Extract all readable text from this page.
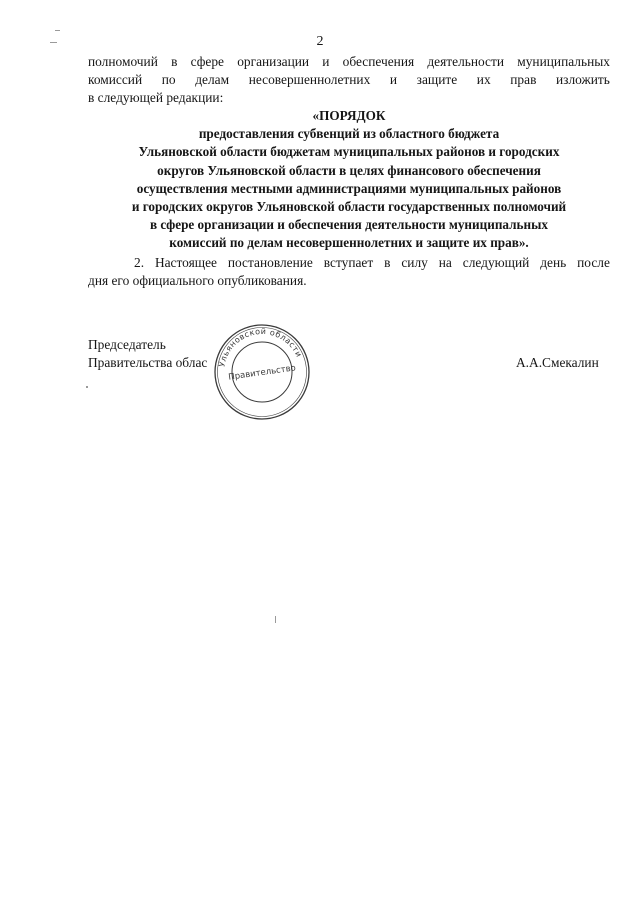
2
полномочий в сфере организации и обеспечения деятельности муниципальных
комиссий по делам несовершеннолетних и защите их прав изложить
в следующей редакции:
«ПОРЯДОК
предоставления субвенций из областного бюджета
Ульяновской области бюджетам муниципальных районов и городских
округов Ульяновской области в целях финансового обеспечения
осуществления местными администрациями муниципальных районов
и городских округов Ульяновской области государственных полномочий
в сфере организации и обеспечения деятельности муниципальных
комиссий по делам несовершеннолетних и защите их прав».
2. Настоящее постановление вступает в силу на следующий день после
дня его официального опубликования.
Председатель
Правительства облас	А.А.Смекалин
Ульяновской области
Правительство
